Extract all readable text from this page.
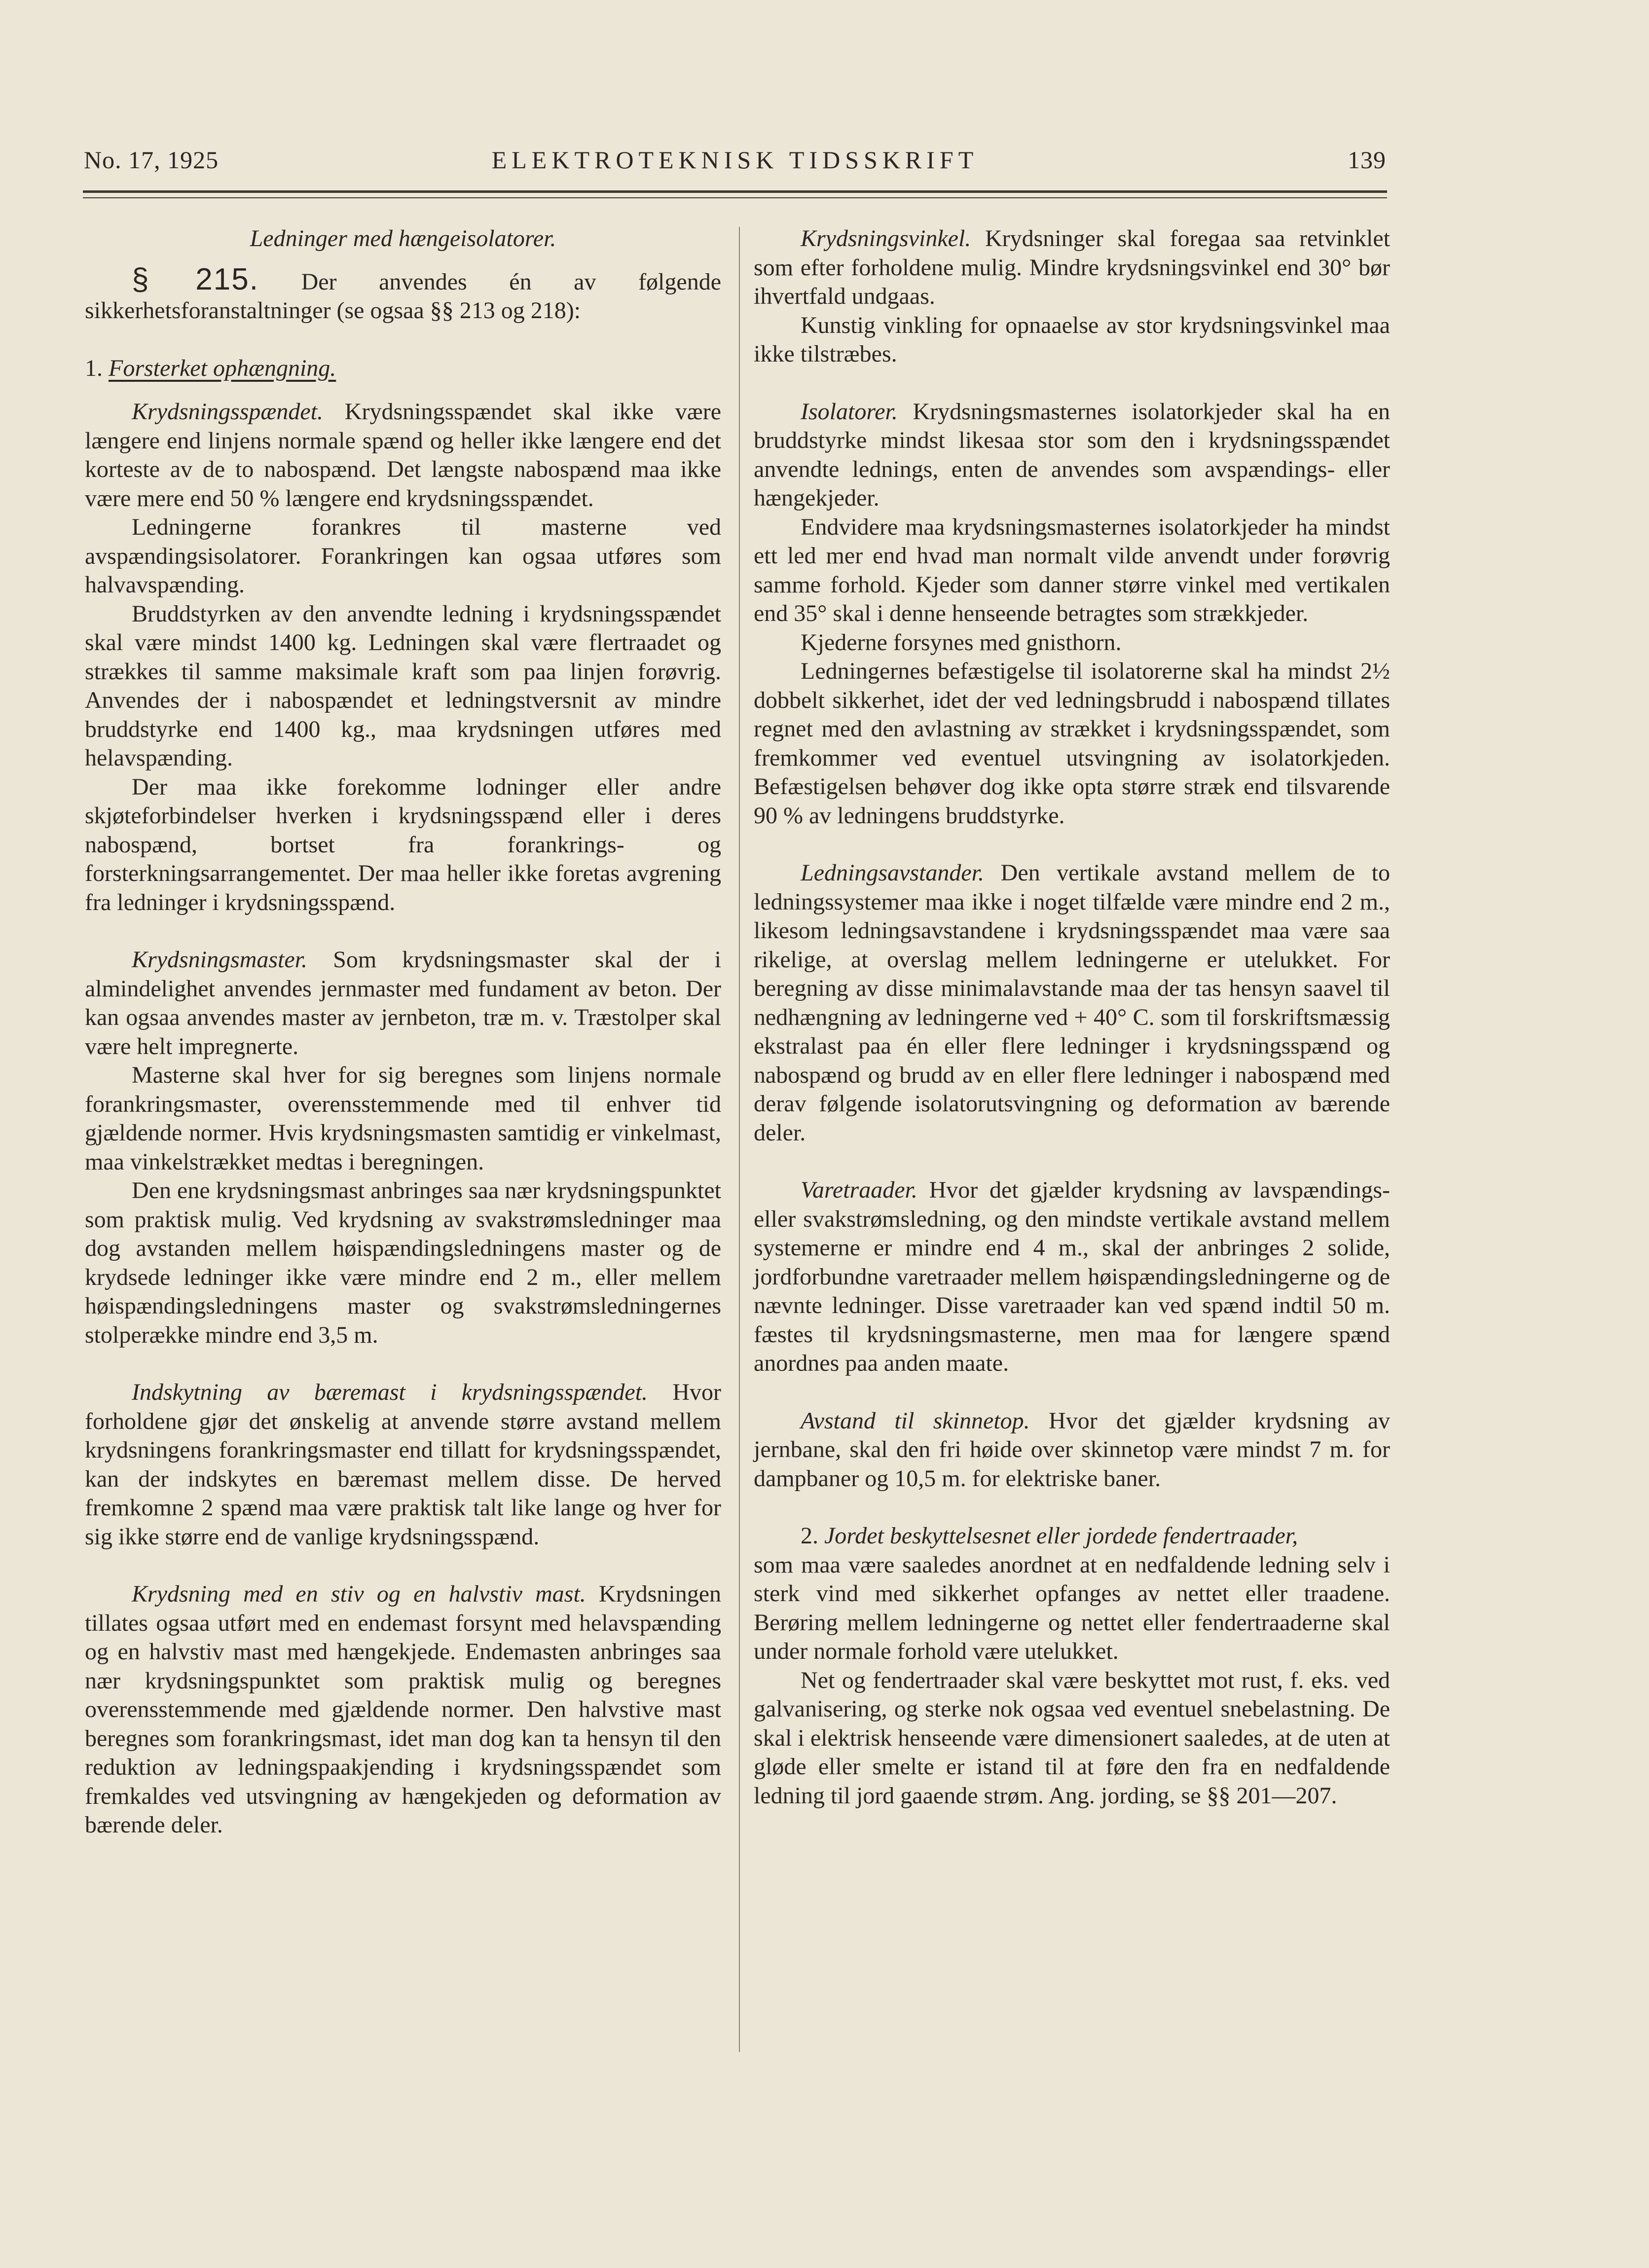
No. 17, 1925	ELEKTROTEKNISK TIDSSKRIFT	139

Ledninger med hængeisolatorer.

§ 215. Der anvendes én av følgende sikkerhetsforanstaltninger (se ogsaa §§ 213 og 218):

1. Forsterket ophængning.

Krydsningsspændet. Krydsningsspændet skal ikke være længere end linjens normale spænd og heller ikke længere end det korteste av de to nabospænd. Det længste nabospænd maa ikke være mere end 50 % længere end krydsningsspændet.

Ledningerne forankres til masterne ved avspændingsisolatorer. Forankringen kan ogsaa utføres som halvavspænding.

Bruddstyrken av den anvendte ledning i krydsningsspændet skal være mindst 1400 kg. Ledningen skal være flertraadet og strækkes til samme maksimale kraft som paa linjen forøvrig. Anvendes der i nabospændet et ledningstversnit av mindre bruddstyrke end 1400 kg., maa krydsningen utføres med helavspænding.

Der maa ikke forekomme lodninger eller andre skjøteforbindelser hverken i krydsningsspænd eller i deres nabospænd, bortset fra forankrings- og forsterkningsarrangementet. Der maa heller ikke foretas avgrening fra ledninger i krydsningsspænd.

Krydsningsmaster. Som krydsningsmaster skal der i almindelighet anvendes jernmaster med fundament av beton. Der kan ogsaa anvendes master av jernbeton, træ m. v. Træstolper skal være helt impregnerte.

Masterne skal hver for sig beregnes som linjens normale forankringsmaster, overensstemmende med til enhver tid gjældende normer. Hvis krydsningsmasten samtidig er vinkelmast, maa vinkelstrækket medtas i beregningen.

Den ene krydsningsmast anbringes saa nær krydsningspunktet som praktisk mulig. Ved krydsning av svakstrømsledninger maa dog avstanden mellem høispændingsledningens master og de krydsede ledninger ikke være mindre end 2 m., eller mellem høispændingsledningens master og svakstrømsledningernes stolperække mindre end 3,5 m.

Indskytning av bæremast i krydsningsspændet. Hvor forholdene gjør det ønskelig at anvende større avstand mellem krydsningens forankringsmaster end tillatt for krydsningsspændet, kan der indskytes en bæremast mellem disse. De herved fremkomne 2 spænd maa være praktisk talt like lange og hver for sig ikke større end de vanlige krydsningsspænd.

Krydsning med en stiv og en halvstiv mast. Krydsningen tillates ogsaa utført med en endemast forsynt med helavspænding og en halvstiv mast med hængekjede. Endemasten anbringes saa nær krydsningspunktet som praktisk mulig og beregnes overensstemmende med gjældende normer. Den halvstive mast beregnes som forankringsmast, idet man dog kan ta hensyn til den reduktion av ledningspaakjending i krydsningsspændet som fremkaldes ved utsvingning av hængekjeden og deformation av bærende deler.

Krydsningsvinkel. Krydsninger skal foregaa saa retvinklet som efter forholdene mulig. Mindre krydsningsvinkel end 30° bør ihvertfald undgaas.

Kunstig vinkling for opnaaelse av stor krydsningsvinkel maa ikke tilstræbes.

Isolatorer. Krydsningsmasternes isolatorkjeder skal ha en bruddstyrke mindst likesaa stor som den i krydsningsspændet anvendte lednings, enten de anvendes som avspændings- eller hængekjeder.

Endvidere maa krydsningsmasternes isolatorkjeder ha mindst ett led mer end hvad man normalt vilde anvendt under forøvrig samme forhold. Kjeder som danner større vinkel med vertikalen end 35° skal i denne henseende betragtes som strækkjeder.

Kjederne forsynes med gnisthorn.

Ledningernes befæstigelse til isolatorerne skal ha mindst 2½ dobbelt sikkerhet, idet der ved ledningsbrudd i nabospænd tillates regnet med den avlastning av strækket i krydsningsspændet, som fremkommer ved eventuel utsvingning av isolatorkjeden. Befæstigelsen behøver dog ikke opta større stræk end tilsvarende 90 % av ledningens bruddstyrke.

Ledningsavstander. Den vertikale avstand mellem de to ledningssystemer maa ikke i noget tilfælde være mindre end 2 m., likesom ledningsavstandene i krydsningsspændet maa være saa rikelige, at overslag mellem ledningerne er utelukket. For beregning av disse minimalavstande maa der tas hensyn saavel til nedhængning av ledningerne ved + 40° C. som til forskriftsmæssig ekstralast paa én eller flere ledninger i krydsningsspænd og nabospænd og brudd av en eller flere ledninger i nabospænd med derav følgende isolatorutsvingning og deformation av bærende deler.

Varetraader. Hvor det gjælder krydsning av lavspændings- eller svakstrømsledning, og den mindste vertikale avstand mellem systemerne er mindre end 4 m., skal der anbringes 2 solide, jordforbundne varetraader mellem høispændingsledningerne og de nævnte ledninger. Disse varetraader kan ved spænd indtil 50 m. fæstes til krydsningsmasterne, men maa for længere spænd anordnes paa anden maate.

Avstand til skinnetop. Hvor det gjælder krydsning av jernbane, skal den fri høide over skinnetop være mindst 7 m. for dampbaner og 10,5 m. for elektriske baner.

2. Jordet beskyttelsesnet eller jordede fendertraader,

som maa være saaledes anordnet at en nedfaldende ledning selv i sterk vind med sikkerhet opfanges av nettet eller traadene. Berøring mellem ledningerne og nettet eller fendertraaderne skal under normale forhold være utelukket.

Net og fendertraader skal være beskyttet mot rust, f. eks. ved galvanisering, og sterke nok ogsaa ved eventuel snebelastning. De skal i elektrisk henseende være dimensionert saaledes, at de uten at gløde eller smelte er istand til at føre den fra en nedfaldende ledning til jord gaaende strøm. Ang. jording, se §§ 201—207.
